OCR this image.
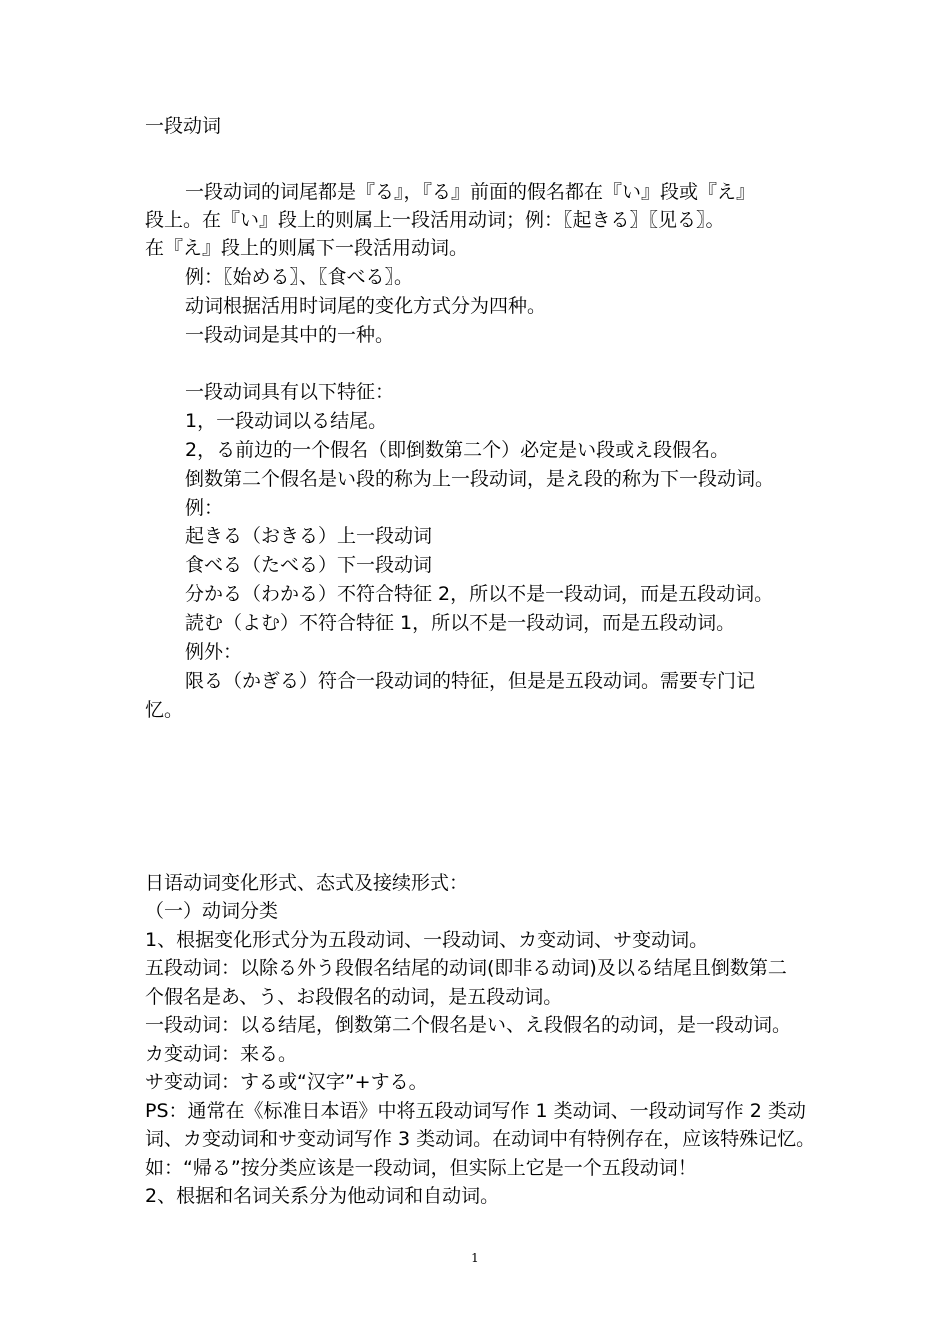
一段动词
一段动词的词尾都是『る』，『る』前面的假名都在『い』段或『え』
段上。在『い』段上的则属上一段活用动词；例：〖起きる〗〖见る〗。
在『え』段上的则属下一段活用动词。
例：〖始める〗、〖食べる〗。
动词根据活用时词尾的变化方式分为四种。
一段动词是其中的一种。
一段动词具有以下特征：
1，一段动词以る结尾。
2，る前边的一个假名（即倒数第二个）必定是い段或え段假名。
倒数第二个假名是い段的称为上一段动词，是え段的称为下一段动词。
例：
起きる（おきる）上一段动词
食べる（たべる）下一段动词
分かる（わかる）不符合特征 2，所以不是一段动词，而是五段动词。
読む（よむ）不符合特征 1，所以不是一段动词，而是五段动词。
例外：
限る（かぎる）符合一段动词的特征，但是是五段动词。需要专门记
忆。
日语动词变化形式、态式及接续形式：
（一）动词分类
1、根据变化形式分为五段动词、一段动词、カ变动词、サ变动词。
五段动词：以除る外う段假名结尾的动词(即非る动词)及以る结尾且倒数第二
个假名是あ、う、お段假名的动词，是五段动词。
一段动词：以る结尾，倒数第二个假名是い、え段假名的动词，是一段动词。
カ变动词：来る。
サ变动词：する或“汉字”+する。
PS：通常在《标准日本语》中将五段动词写作 1 类动词、一段动词写作 2 类动
词、カ变动词和サ变动词写作 3 类动词。在动词中有特例存在，应该特殊记忆。
如：“帰る”按分类应该是一段动词，但实际上它是一个五段动词！
2、根据和名词关系分为他动词和自动词。
1
